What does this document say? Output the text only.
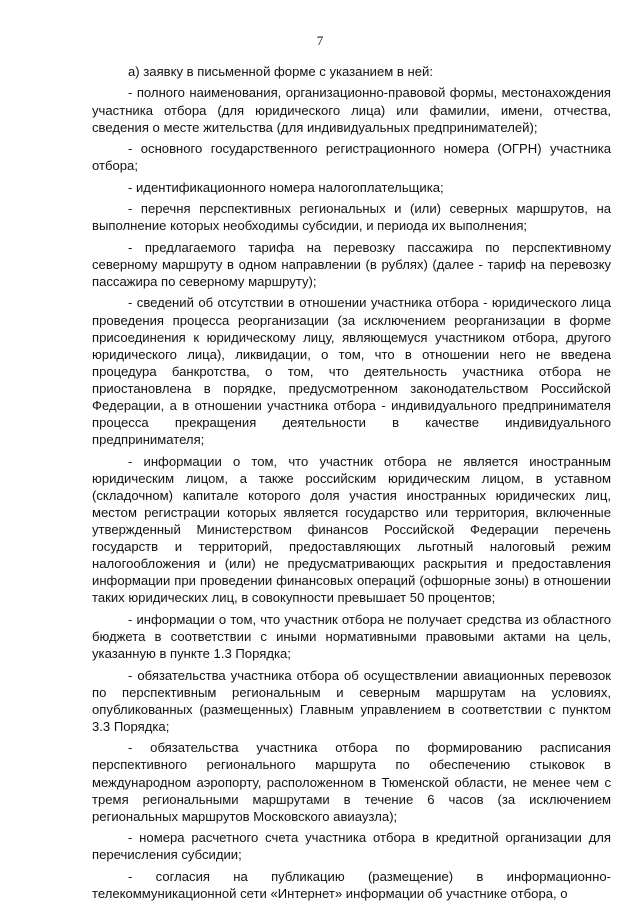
7

а) заявку в письменной форме с указанием в ней:

- полного наименования, организационно-правовой формы, местонахождения участника отбора (для юридического лица) или фамилии, имени, отчества, сведения о месте жительства (для индивидуальных предпринимателей);

- основного государственного регистрационного номера (ОГРН) участника отбора;

- идентификационного номера налогоплательщика;

- перечня перспективных региональных и (или) северных маршрутов, на выполнение которых необходимы субсидии, и периода их выполнения;

- предлагаемого тарифа на перевозку пассажира по перспективному северному маршруту в одном направлении (в рублях) (далее - тариф на перевозку пассажира по северному маршруту);

- сведений об отсутствии в отношении участника отбора - юридического лица проведения процесса реорганизации (за исключением реорганизации в форме присоединения к юридическому лицу, являющемуся участником отбора, другого юридического лица), ликвидации, о том, что в отношении него не введена процедура банкротства, о том, что деятельность участника отбора не приостановлена в порядке, предусмотренном законодательством Российской Федерации, а в отношении участника отбора - индивидуального предпринимателя процесса прекращения деятельности в качестве индивидуального предпринимателя;

- информации о том, что участник отбора не является иностранным юридическим лицом, а также российским юридическим лицом, в уставном (складочном) капитале которого доля участия иностранных юридических лиц, местом регистрации которых является государство или территория, включенные утвержденный Министерством финансов Российской Федерации перечень государств и территорий, предоставляющих льготный налоговый режим налогообложения и (или) не предусматривающих раскрытия и предоставления информации при проведении финансовых операций (офшорные зоны) в отношении таких юридических лиц, в совокупности превышает 50 процентов;

- информации о том, что участник отбора не получает средства из областного бюджета в соответствии с иными нормативными правовыми актами на цель, указанную в пункте 1.3 Порядка;

- обязательства участника отбора об осуществлении авиационных перевозок по перспективным региональным и северным маршрутам на условиях, опубликованных (размещенных) Главным управлением в соответствии с пунктом 3.3 Порядка;

- обязательства участника отбора по формированию расписания перспективного регионального маршрута по обеспечению стыковок в международном аэропорту, расположенном в Тюменской области, не менее чем с тремя региональными маршрутами в течение 6 часов (за исключением региональных маршрутов Московского авиаузла);

- номера расчетного счета участника отбора в кредитной организации для перечисления субсидии;

- согласия на публикацию (размещение) в информационно-телекоммуникационной сети «Интернет» информации об участнике отбора, о
